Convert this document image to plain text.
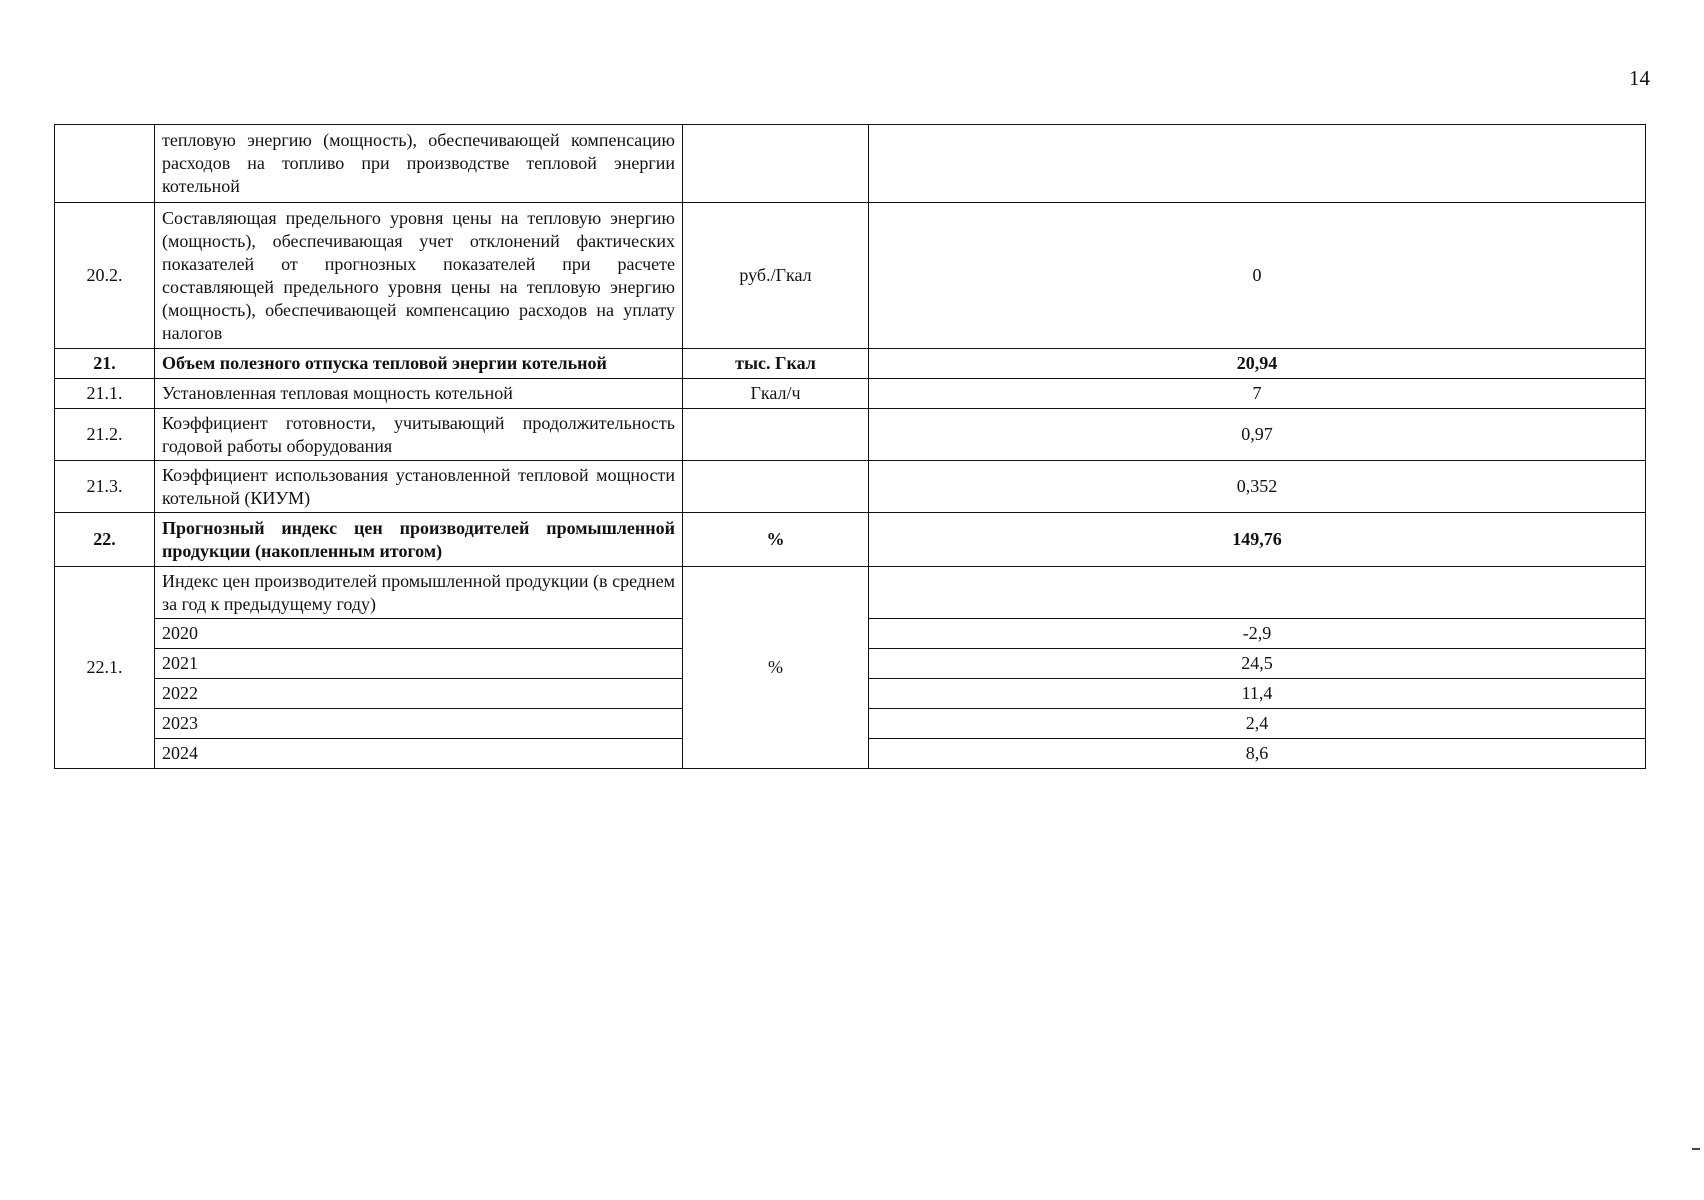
14
	тепловую энергию (мощность), обеспечивающей компенсацию расходов на топливо при производстве тепловой энергии котельной		
20.2.	Составляющая предельного уровня цены на тепловую энергию (мощность), обеспечивающая учет отклонений фактических показателей от прогнозных показателей при расчете составляющей предельного уровня цены на тепловую энергию (мощность), обеспечивающей компенсацию расходов на уплату налогов	руб./Гкал	0
21.	Объем полезного отпуска тепловой энергии котельной	тыс. Гкал	20,94
21.1.	Установленная тепловая мощность котельной	Гкал/ч	7
21.2.	Коэффициент готовности, учитывающий продолжительность годовой работы оборудования		0,97
21.3.	Коэффициент использования установленной тепловой мощности котельной (КИУМ)		0,352
22.	Прогнозный индекс цен производителей промышленной продукции (накопленным итогом)	%	149,76
22.1.	Индекс цен производителей промышленной продукции (в среднем за год к предыдущему году)	%	
	2020		-2,9
	2021		24,5
	2022		11,4
	2023		2,4
	2024		8,6
